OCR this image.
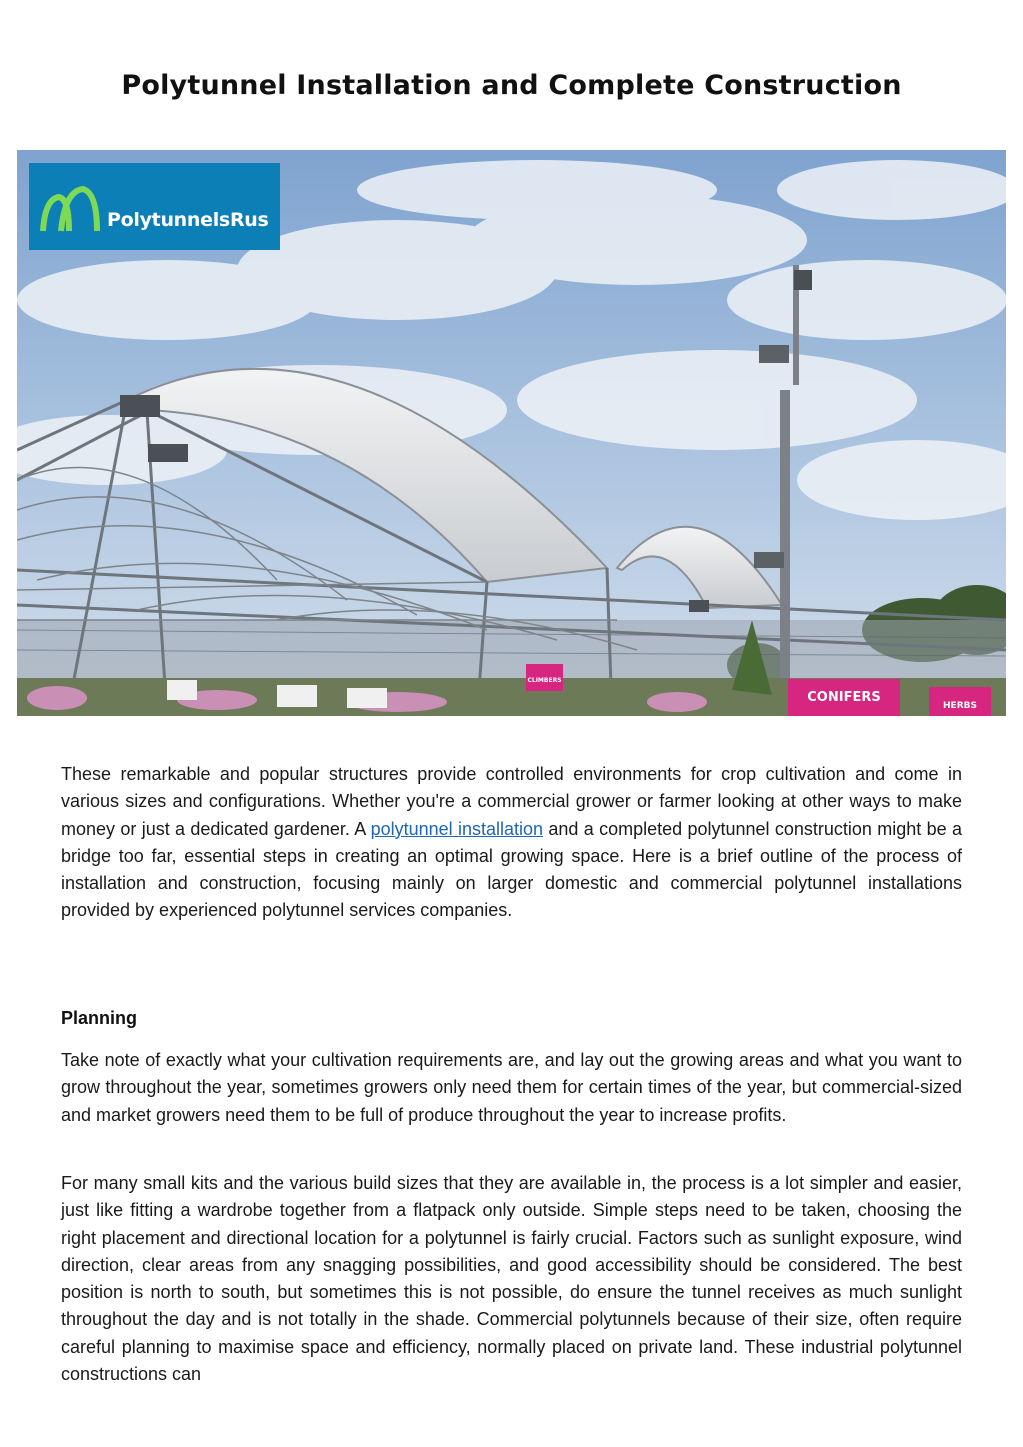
Polytunnel Installation and Complete Construction
PolytunnelsRus
CLIMBERS
CONIFERS
HERBS

These remarkable and popular structures provide controlled environments for crop cultivation and come in various sizes and configurations. Whether you're a commercial grower or farmer looking at other ways to make money or just a dedicated gardener. A polytunnel installation and a completed polytunnel construction might be a bridge too far, essential steps in creating an optimal growing space. Here is a brief outline of the process of installation and construction, focusing mainly on larger domestic and commercial polytunnel installations provided by experienced polytunnel services companies.

Planning

Take note of exactly what your cultivation requirements are, and lay out the growing areas and what you want to grow throughout the year, sometimes growers only need them for certain times of the year, but commercial-sized and market growers need them to be full of produce throughout the year to increase profits.

For many small kits and the various build sizes that they are available in, the process is a lot simpler and easier, just like fitting a wardrobe together from a flatpack only outside. Simple steps need to be taken, choosing the right placement and directional location for a polytunnel is fairly crucial. Factors such as sunlight exposure, wind direction, clear areas from any snagging possibilities, and good accessibility should be considered. The best position is north to south, but sometimes this is not possible, do ensure the tunnel receives as much sunlight throughout the day and is not totally in the shade. Commercial polytunnels because of their size, often require careful planning to maximise space and efficiency, normally placed on private land. These industrial polytunnel constructions can
